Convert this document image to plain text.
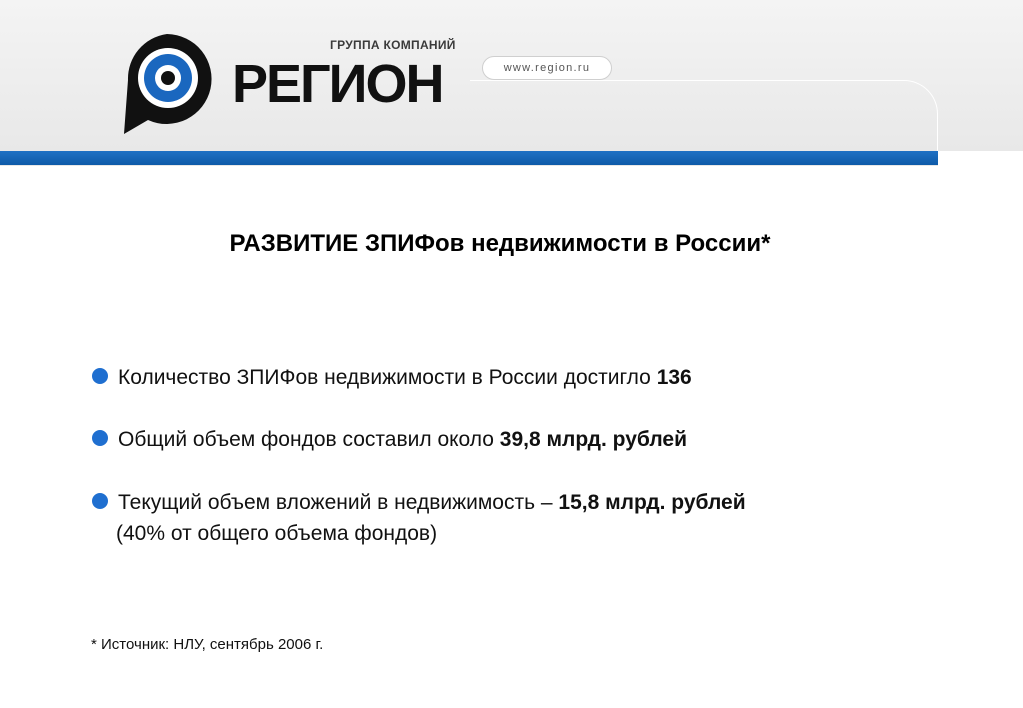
РЕГИОН
ГРУППА КОМПАНИЙ
www.region.ru
РАЗВИТИЕ ЗПИФов недвижимости в России*
Количество ЗПИФов недвижимости в России достигло 136
Общий объем фондов составил около 39,8 млрд. рублей
Текущий объем вложений в недвижимость – 15,8 млрд. рублей
(40% от общего объема фондов)
* Источник: НЛУ, сентябрь 2006 г.
